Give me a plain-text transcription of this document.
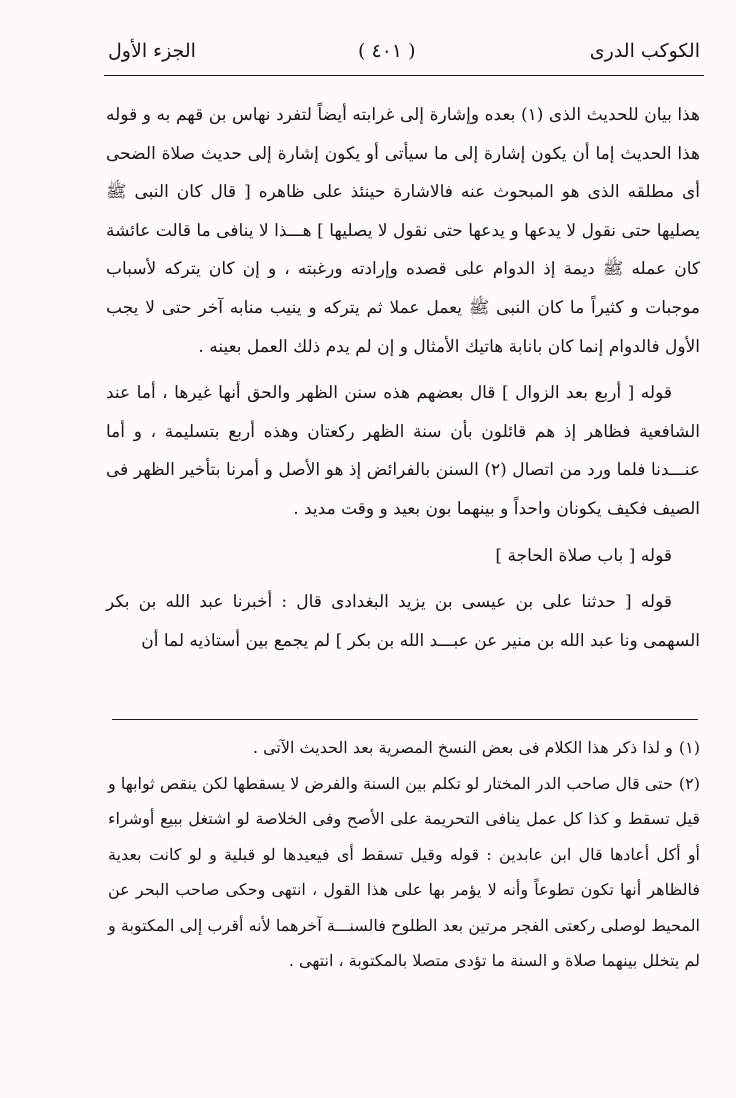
الكوكب الدرى
( ٤٠١ )
الجزء الأول

هذا بيان للحديث الذى (١) بعده وإشارة إلى غرابته أيضاً لتفرد نهاس بن قهم به و قوله هذا الحديث إما أن يكون إشارة إلى ما سيأتى أو يكون إشارة إلى حديث صلاة الضحى أى مطلقه الذى هو المبحوث عنه فالاشارة حينئذ على ظاهره [ قال كان النبى ﷺ يصليها حتى نقول لا يدعها و يدعها حتى نقول لا يصليها ] هـــذا لا ينافى ما قالت عائشة كان عمله ﷺ ديمة إذ الدوام على قصده وإرادته ورغبته ، و إن كان يتركه لأسباب موجبات و كثيراً ما كان النبى ﷺ يعمل عملا ثم يتركه و ينيب منابه آخر حتى لا يجب الأول فالدوام إنما كان بانابة هاتيك الأمثال و إن لم يدم ذلك العمل بعينه .

قوله [ أربع بعد الزوال ] قال بعضهم هذه سنن الظهر والحق أنها غيرها ، أما عند الشافعية فظاهر إذ هم قائلون بأن سنة الظهر ركعتان وهذه أربع بتسليمة ، و أما عنـــدنا فلما ورد من اتصال (٢) السنن بالفرائض إذ هو الأصل و أمرنا بتأخير الظهر فى الصيف فكيف يكونان واحداً و بينهما بون بعيد و وقت مديد .

قوله [ باب صلاة الحاجة ]

قوله [ حدثنا على بن عيسى بن يزيد البغدادى قال : أخبرنا عبد الله بن بكر السهمى ونا عبد الله بن منير عن عبـــد الله بن بكر ] لم يجمع بين أستاذيه لما أن

(١)و لذا ذكر هذا الكلام فى بعض النسخ المصرية بعد الحديث الآتى .

(٢)حتى قال صاحب الدر المختار لو تكلم بين السنة والفرض لا يسقطها لكن ينقص ثوابها و قيل تسقط و كذا كل عمل ينافى التحريمة على الأصح وفى الخلاصة لو اشتغل ببيع أوشراء أو أكل أعادها قال ابن عابدين : قوله وقيل تسقط أى فيعيدها لو قبلية و لو كانت بعدية فالظاهر أنها تكون تطوعاً وأنه لا يؤمر بها على هذا القول ، انتهى وحكى صاحب البحر عن المحيط لوصلى ركعتى الفجر مرتين بعد الطلوح فالسنـــة آخرهما لأنه أقرب إلى المكتوبة و لم يتخلل بينهما صلاة و السنة ما تؤدى متصلا بالمكتوبة ، انتهى .
